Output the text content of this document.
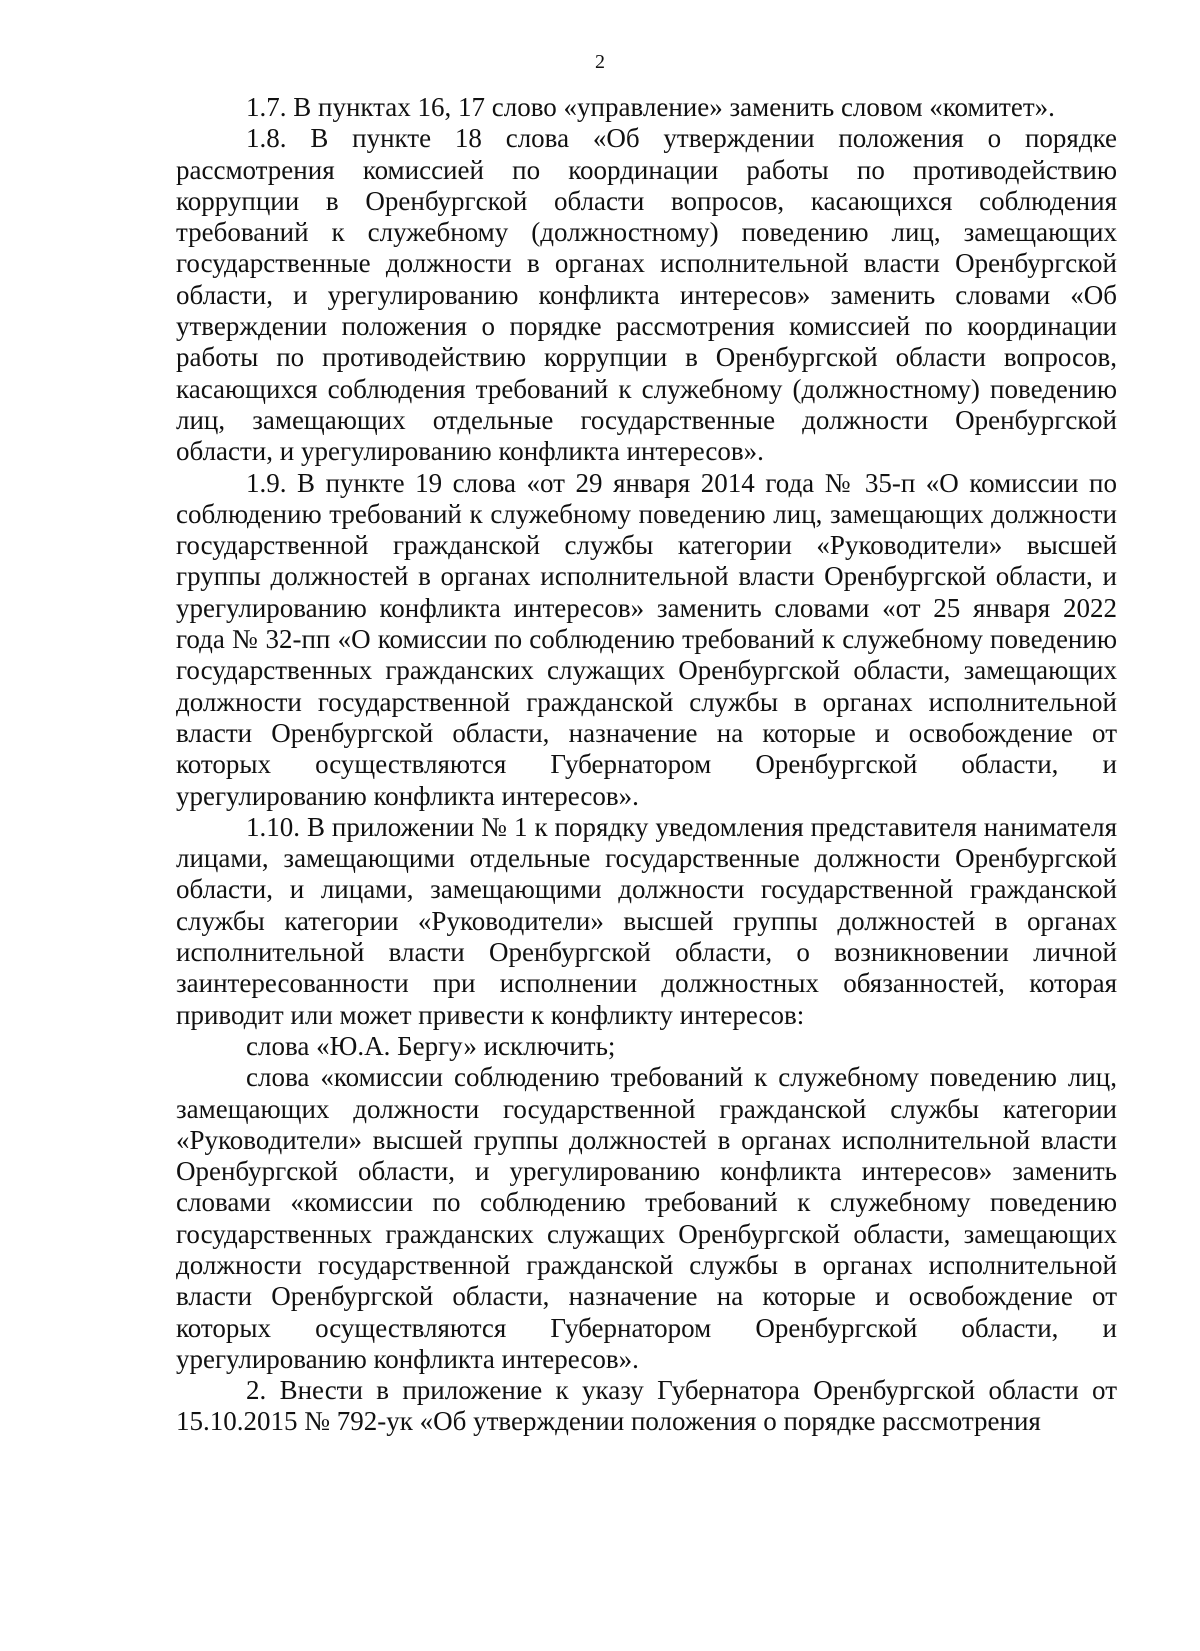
2

1.7. В пунктах 16, 17 слово «управление» заменить словом «комитет».

1.8. В пункте 18 слова «Об утверждении положения о порядке рассмотрения комиссией по координации работы по противодействию коррупции в Оренбургской области вопросов, касающихся соблюдения требований к служебному (должностному) поведению лиц, замещающих государственные должности в органах исполнительной власти Оренбургской области, и урегулированию конфликта интересов» заменить словами «Об утверждении положения о порядке рассмотрения комиссией по координации работы по противодействию коррупции в Оренбургской области вопросов, касающихся соблюдения требований к служебному (должностному) поведению лиц, замещающих отдельные государственные должности Оренбургской области, и урегулированию конфликта интересов».

1.9. В пункте 19 слова «от 29 января 2014 года № 35-п «О комиссии по соблюдению требований к служебному поведению лиц, замещающих должности государственной гражданской службы категории «Руководители» высшей группы должностей в органах исполнительной власти Оренбургской области, и урегулированию конфликта интересов» заменить словами «от 25 января 2022 года № 32-пп «О комиссии по соблюдению требований к служебному поведению государственных гражданских служащих Оренбургской области, замещающих должности государственной гражданской службы в органах исполнительной власти Оренбургской области, назначение на которые и освобождение от которых осуществляются Губернатором Оренбургской области, и урегулированию конфликта интересов».

1.10. В приложении № 1 к порядку уведомления представителя нанимателя лицами, замещающими отдельные государственные должности Оренбургской области, и лицами, замещающими должности государственной гражданской службы категории «Руководители» высшей группы должностей в органах исполнительной власти Оренбургской области, о возникновении личной заинтересованности при исполнении должностных обязанностей, которая приводит или может привести к конфликту интересов:

слова «Ю.А. Бергу» исключить;

слова «комиссии соблюдению требований к служебному поведению лиц, замещающих должности государственной гражданской службы категории «Руководители» высшей группы должностей в органах исполнительной власти Оренбургской области, и урегулированию конфликта интересов» заменить словами «комиссии по соблюдению требований к служебному поведению государственных гражданских служащих Оренбургской области, замещающих должности государственной гражданской службы в органах исполнительной власти Оренбургской области, назначение на которые и освобождение от которых осуществляются Губернатором Оренбургской области, и урегулированию конфликта интересов».

2. Внести в приложение к указу Губернатора Оренбургской области от 15.10.2015 № 792-ук «Об утверждении положения о порядке рассмотрения
